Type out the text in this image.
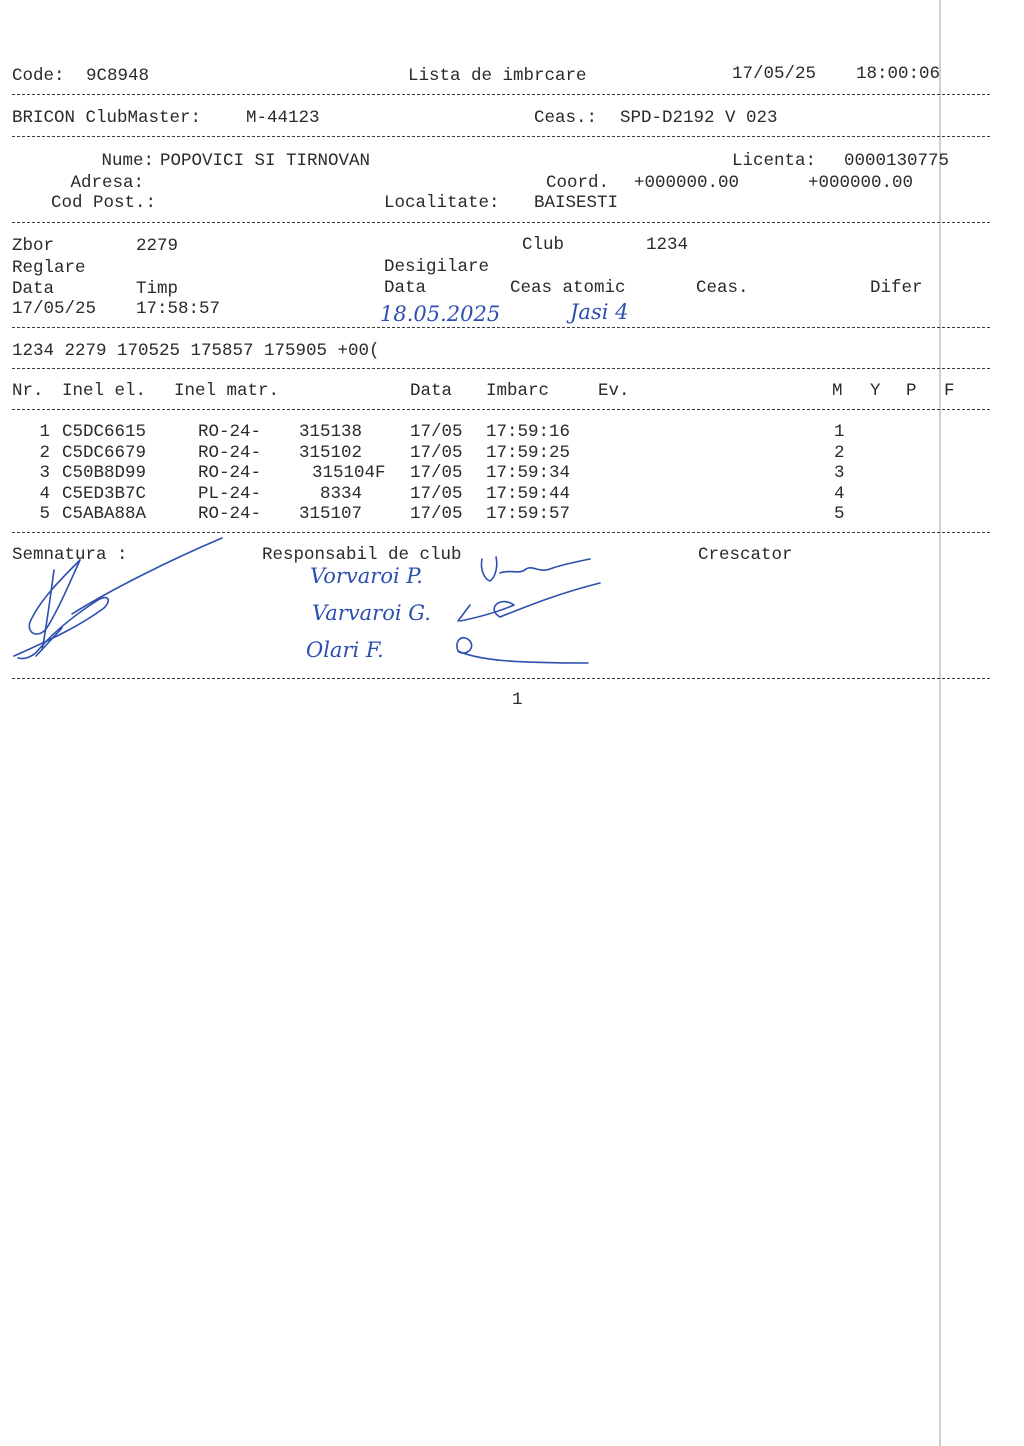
Code: 9C8948	Lista de imbrcare	17/05/25 18:00:06
BRICON ClubMaster:	M-44123	Ceas.: SPD-D2192 V 023
Nume: POPOVICI SI TIRNOVAN	Licenta: 0000130775
Adresa:	Coord. +000000.00	+000000.00
Cod Post.:	Localitate: BAISESTI
Zbor	2279	Club	1234
Reglare	Desigilare
Data	Timp	Data	Ceas atomic	Ceas.	Difer
17/05/25 17:58:57	18.05.2025	Jasi 4
1234 2279 170525 175857 175905 +00(
Nr. Inel el. Inel matr.	Data Imbarc	Ev.	M Y P F
1 C5DC6615	RO-24- 315138	17/05 17:59:16	1
2 C5DC6679	RO-24- 315102	17/05 17:59:25	2
3 C50B8D99	RO-24-	315104F 17/05 17:59:34	3
4 C5ED3B7C	PL-24-	8334	17/05 17:59:44	4
5 C5ABA88A	RO-24- 315107	17/05 17:59:57	5
Semnatura :	Responsabil de club	Crescator
Vorvaroi P.
Varvaroi G.
Olari F.
1
